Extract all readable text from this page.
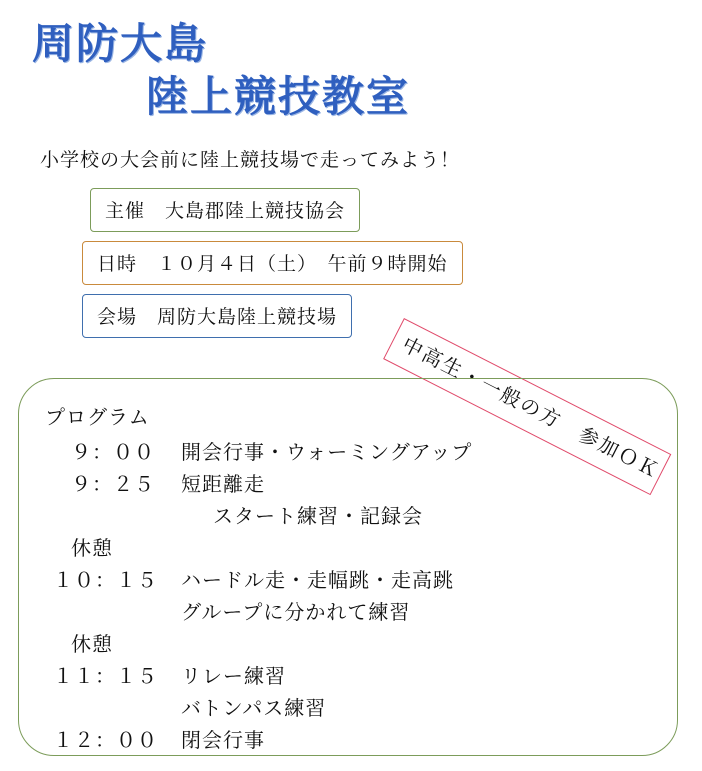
周防大島
陸上競技教室
小学校の大会前に陸上競技場で走ってみよう！
主催　大島郡陸上競技協会
日時　１０月４日（土）　午前９時開始
会場　周防大島陸上競技場
中高生・一般の方　参加ＯＫ
プログラム
９：００	開会行事・ウォーミングアップ
９：２５	短距離走
スタート練習・記録会
休憩
１０：１５	ハードル走・走幅跳・走高跳
グループに分かれて練習
休憩
１１：１５	リレー練習
バトンパス練習
１２：００	閉会行事
